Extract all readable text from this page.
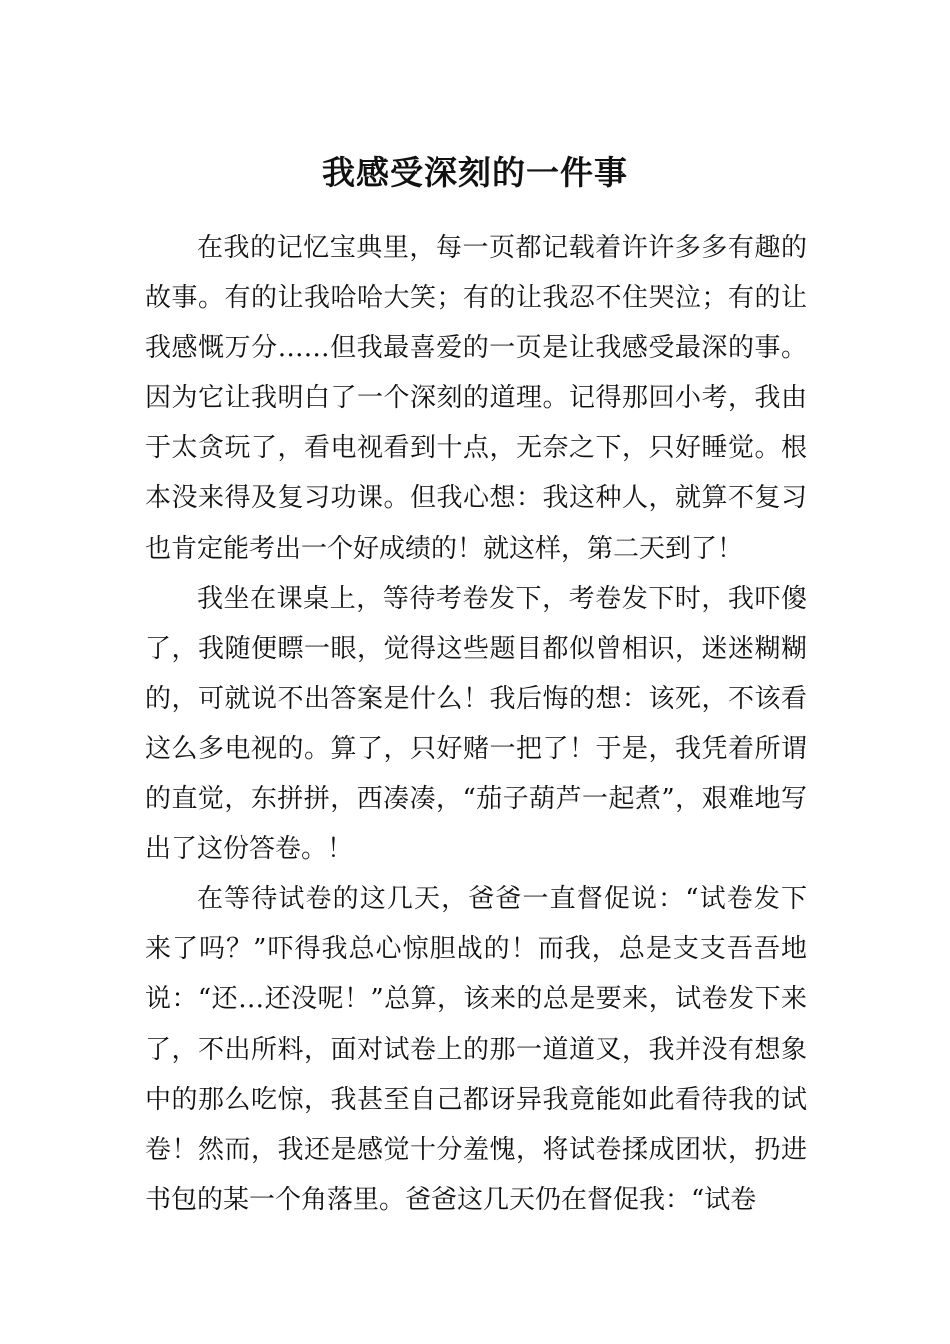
我感受深刻的一件事

在我的记忆宝典里，每一页都记载着许许多多有趣的故事。有的让我哈哈大笑；有的让我忍不住哭泣；有的让我感慨万分……但我最喜爱的一页是让我感受最深的事。因为它让我明白了一个深刻的道理。记得那回小考，我由于太贪玩了，看电视看到十点，无奈之下，只好睡觉。根本没来得及复习功课。但我心想：我这种人，就算不复习也肯定能考出一个好成绩的！就这样，第二天到了！

我坐在课桌上，等待考卷发下，考卷发下时，我吓傻了，我随便瞟一眼，觉得这些题目都似曾相识，迷迷糊糊的，可就说不出答案是什么！我后悔的想：该死，不该看这么多电视的。算了，只好赌一把了！于是，我凭着所谓的直觉，东拼拼，西凑凑，“茄子葫芦一起煮”，艰难地写出了这份答卷。！

在等待试卷的这几天，爸爸一直督促说：“试卷发下来了吗？”吓得我总心惊胆战的！而我，总是支支吾吾地说：“还…还没呢！”总算，该来的总是要来，试卷发下来了，不出所料，面对试卷上的那一道道叉，我并没有想象中的那么吃惊，我甚至自己都讶异我竟能如此看待我的试卷！然而，我还是感觉十分羞愧，将试卷揉成团状，扔进书包的某一个角落里。爸爸这几天仍在督促我：“试卷
